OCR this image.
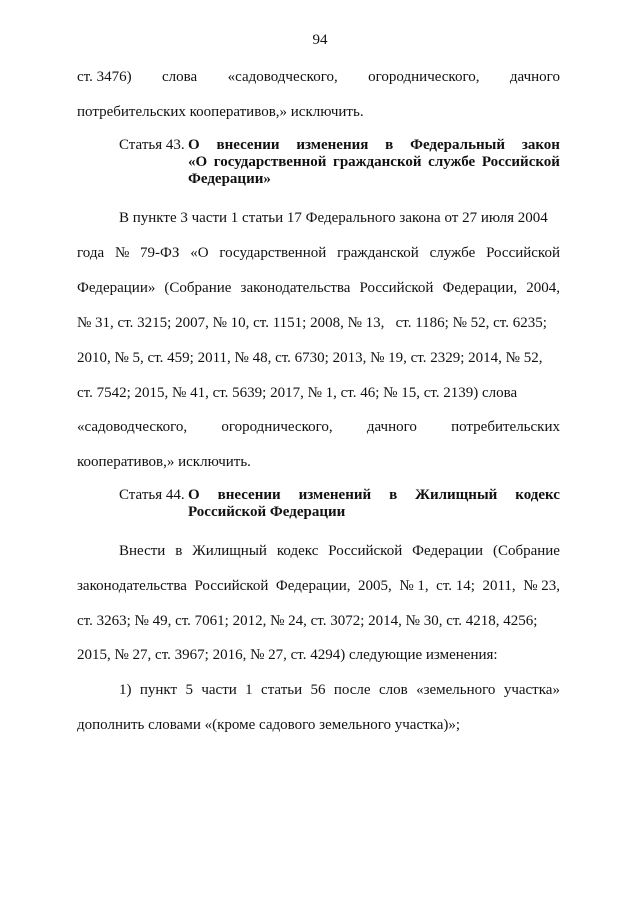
94
ст. 3476) слова «садоводческого, огороднического, дачного
потребительских кооперативов,» исключить.
Статья 43. О внесении изменения в Федеральный закон
«О государственной гражданской службе Российской
Федерации»
В пункте 3 части 1 статьи 17 Федерального закона от 27 июля 2004
года № 79-ФЗ «О государственной гражданской службе Российской
Федерации» (Собрание законодательства Российской Федерации, 2004,
№ 31, ст. 3215; 2007, № 10, ст. 1151; 2008, № 13,   ст. 1186; № 52, ст. 6235;
2010, № 5, ст. 459; 2011, № 48, ст. 6730; 2013, № 19, ст. 2329; 2014, № 52,
ст. 7542; 2015, № 41, ст. 5639; 2017, № 1, ст. 46; № 15, ст. 2139) слова
«садоводческого, огороднического, дачного потребительских
кооперативов,» исключить.
Статья 44. О внесении изменений в Жилищный кодекс
Российской Федерации
Внести в Жилищный кодекс Российской Федерации (Собрание
законодательства Российской Федерации, 2005, № 1, ст. 14; 2011, № 23,
ст. 3263; № 49, ст. 7061; 2012, № 24, ст. 3072; 2014, № 30, ст. 4218, 4256;
2015, № 27, ст. 3967; 2016, № 27, ст. 4294) следующие изменения:
1) пункт 5 части 1 статьи 56 после слов «земельного участка»
дополнить словами «(кроме садового земельного участка)»;
